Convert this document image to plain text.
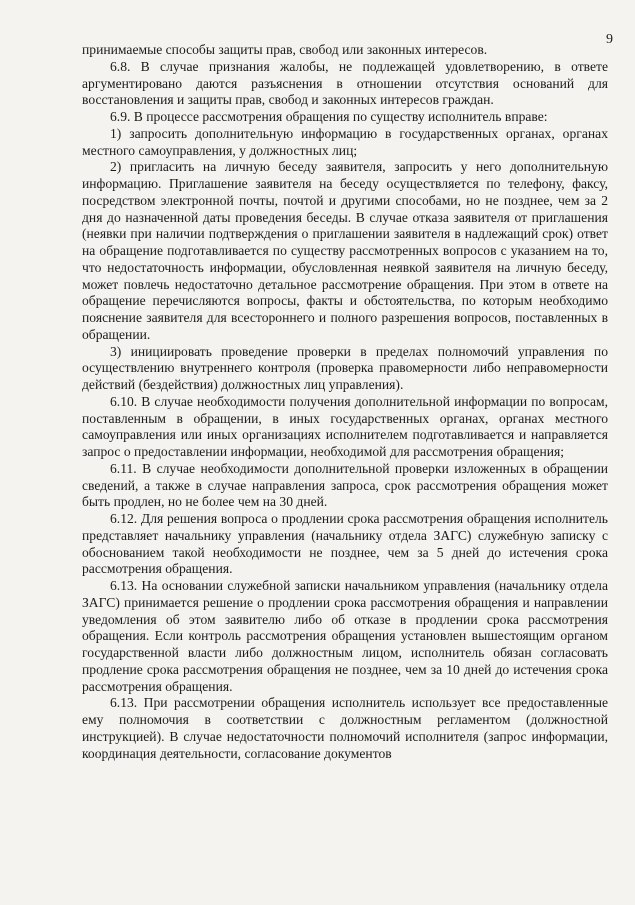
9

принимаемые способы защиты прав, свобод или законных интересов.

6.8. В случае признания жалобы, не подлежащей удовлетворению, в ответе аргументировано даются разъяснения в отношении отсутствия оснований для восстановления и защиты прав, свобод и законных интересов граждан.

6.9. В процессе рассмотрения обращения по существу исполнитель вправе:

1) запросить дополнительную информацию в государственных органах, органах местного самоуправления, у должностных лиц;

2) пригласить на личную беседу заявителя, запросить у него дополнительную информацию. Приглашение заявителя на беседу осуществляется по телефону, факсу, посредством электронной почты, почтой и другими способами, но не позднее, чем за 2 дня до назначенной даты проведения беседы. В случае отказа заявителя от приглашения (неявки при наличии подтверждения о приглашении заявителя в надлежащий срок) ответ на обращение подготавливается по существу рассмотренных вопросов с указанием на то, что недостаточность информации, обусловленная неявкой заявителя на личную беседу, может повлечь недостаточно детальное рассмотрение обращения. При этом в ответе на обращение перечисляются вопросы, факты и обстоятельства, по которым необходимо пояснение заявителя для всестороннего и полного разрешения вопросов, поставленных в обращении.

3) инициировать проведение проверки в пределах полномочий управления по осуществлению внутреннего контроля (проверка правомерности либо неправомерности действий (бездействия) должностных лиц управления).

6.10. В случае необходимости получения дополнительной информации по вопросам, поставленным в обращении, в иных государственных органах, органах местного самоуправления или иных организациях исполнителем подготавливается и направляется запрос о предоставлении информации, необходимой для рассмотрения обращения;

6.11. В случае необходимости дополнительной проверки изложенных в обращении сведений, а также в случае направления запроса, срок рассмотрения обращения может быть продлен, но не более чем на 30 дней.

6.12. Для решения вопроса о продлении срока рассмотрения обращения исполнитель представляет начальнику управления (начальнику отдела ЗАГС) служебную записку с обоснованием такой необходимости не позднее, чем за 5 дней до истечения срока рассмотрения обращения.

6.13. На основании служебной записки начальником управления (начальнику отдела ЗАГС) принимается решение о продлении срока рассмотрения обращения и направлении уведомления об этом заявителю либо об отказе в продлении срока рассмотрения обращения. Если контроль рассмотрения обращения установлен вышестоящим органом государственной власти либо должностным лицом, исполнитель обязан согласовать продление срока рассмотрения обращения не позднее, чем за 10 дней до истечения срока рассмотрения обращения.

6.13. При рассмотрении обращения исполнитель использует все предоставленные ему полномочия в соответствии с должностным регламентом (должностной инструкцией). В случае недостаточности полномочий исполнителя (запрос информации, координация деятельности, согласование документов
